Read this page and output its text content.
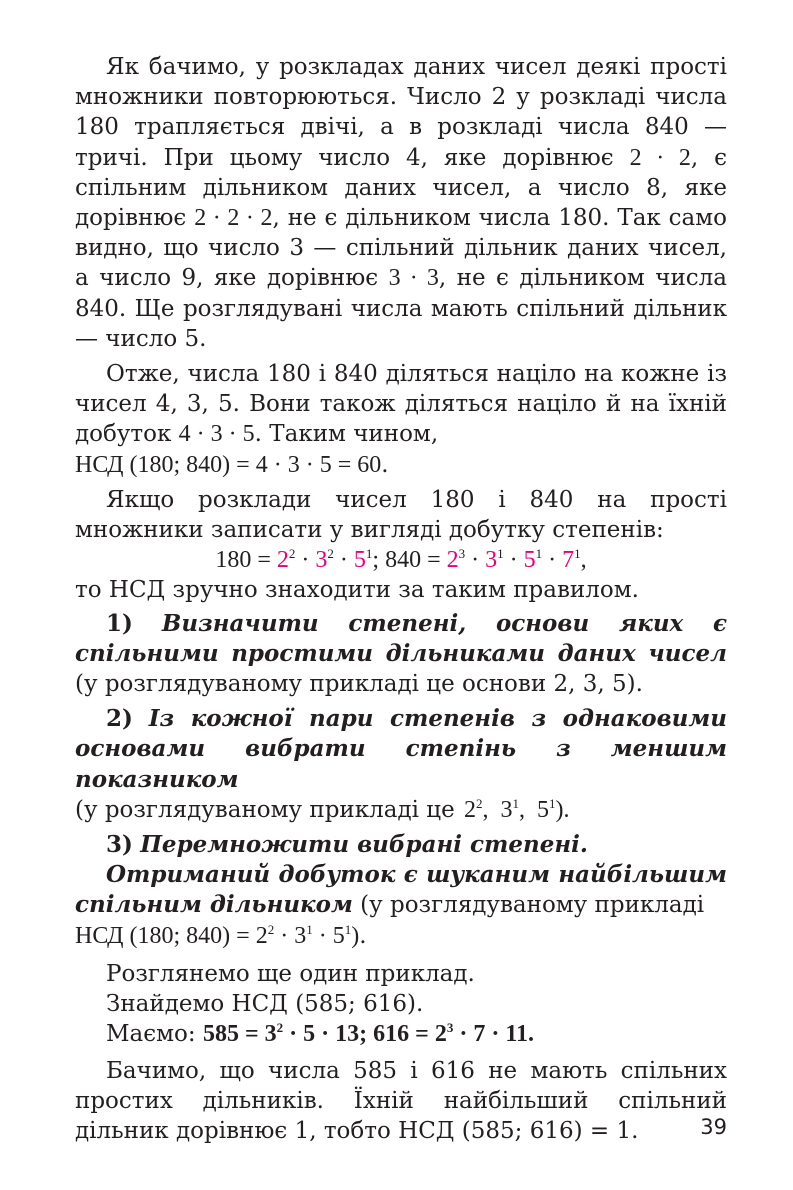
Як бачимо, у розкладах даних чисел деякі прості множники повторюються. Число 2 у розкладі числа 180 трапляється двічі, а в розкладі числа 840 — тричі. При цьому число 4, яке дорівнює 2 · 2, є спільним дільником даних чисел, а число 8, яке дорівнює 2 · 2 · 2, не є дільником числа 180. Так само видно, що число 3 — спільний дільник даних чисел, а число 9, яке дорівнює 3 · 3, не є дільником числа 840. Ще розглядувані числа мають спільний дільник — число 5.

Отже, числа 180 і 840 діляться націло на кожне із чисел 4, 3, 5. Вони також діляться націло й на їхній добуток 4 · 3 · 5. Таким чином,
НСД (180; 840) = 4 · 3 · 5 = 60.

Якщо розклади чисел 180 і 840 на прості множники записати у вигляді добутку степенів:

$180 = 2^2 \cdot 3^2 \cdot 5^1$; $840 = 2^3 \cdot 3^1 \cdot 5^1 \cdot 7^1$,

то НСД зручно знаходити за таким правилом.

1) Визначити степені, основи яких є спільними простими дільниками даних чисел (у розглядуваному прикладі це основи 2, 3, 5).

2) Із кожної пари степенів з однаковими основами вибрати степінь з меншим показником
(у розглядуваному прикладі це  $2^2$,  $3^1$,  $5^1$).

3) Перемножити вибрані степені.

Отриманий добуток є шуканим найбільшим спільним дільником (у розглядуваному прикладі
НСД (180; $840) = 2^2 \cdot 3^1 \cdot 5^1$).

Розглянемо ще один приклад.

Знайдемо НСД (585; 616).

Маємо: $585 = 3^2 \cdot 5 \cdot 13$; $616 = 2^3 \cdot 7 \cdot 11$.

Бачимо, що числа 585 і 616 не мають спільних простих дільників. Їхній найбільший спільний дільник дорівнює 1, тобто НСД (585; 616) = 1.	39
